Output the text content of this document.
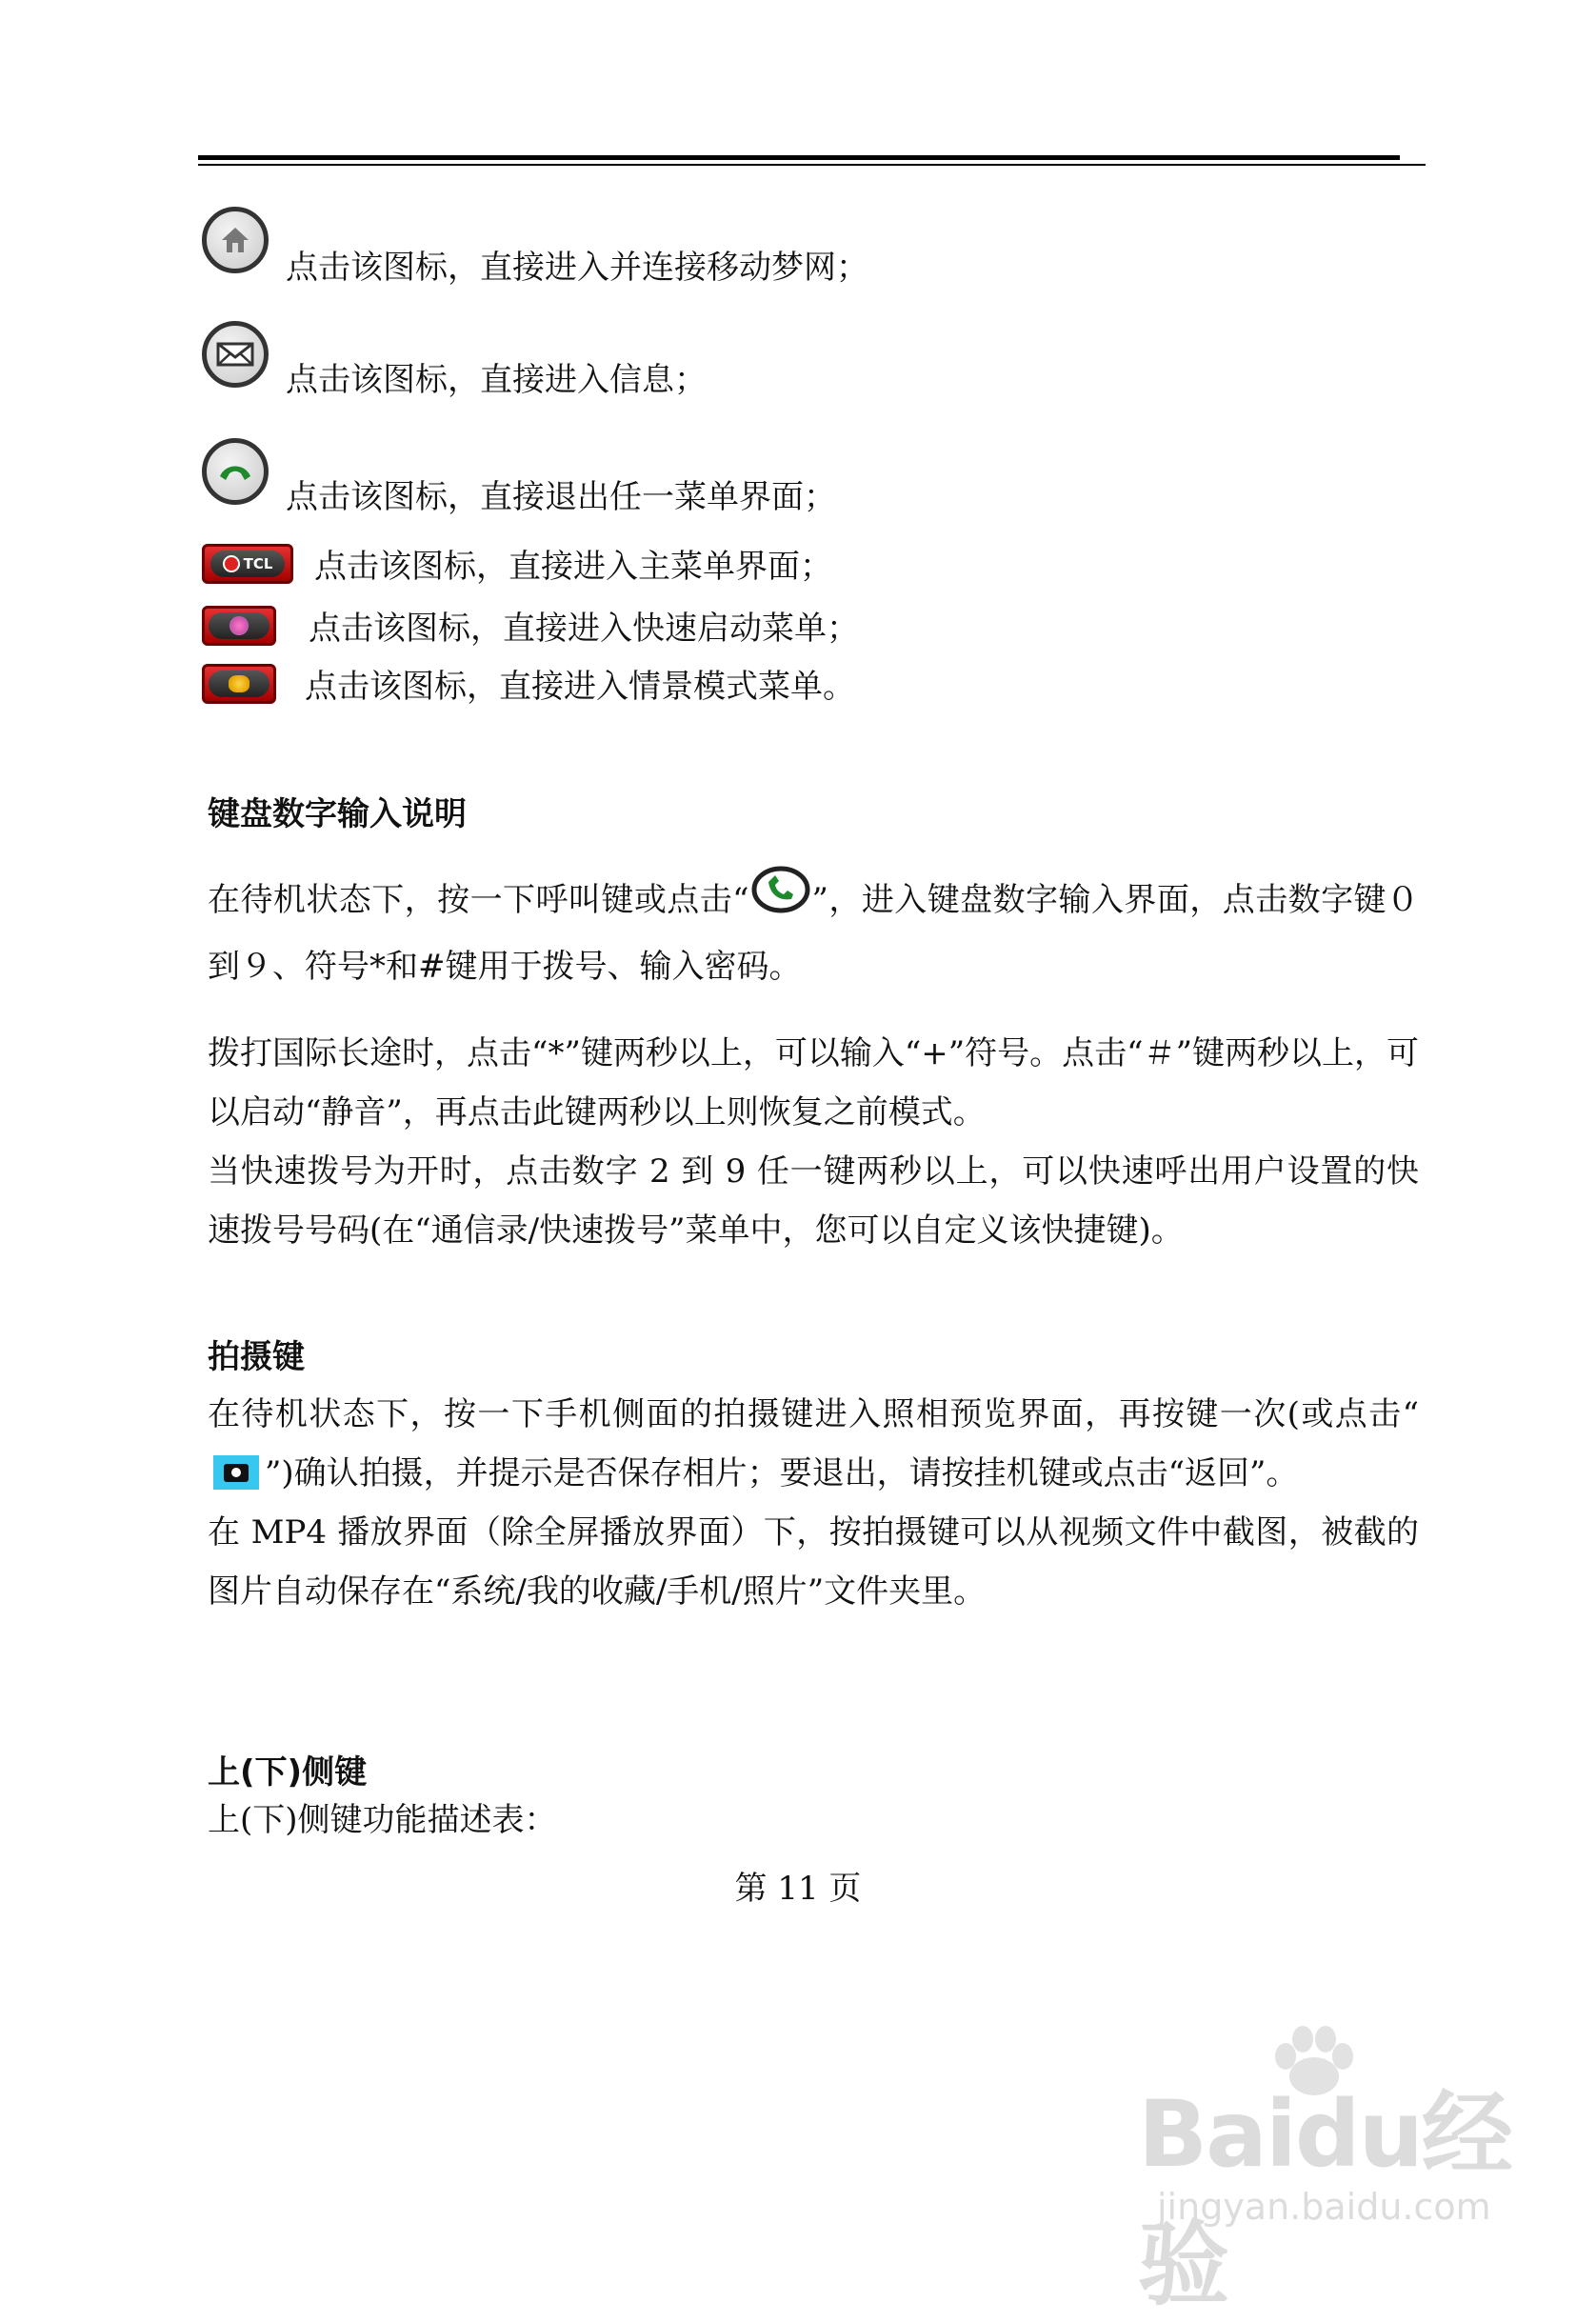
点击该图标，直接进入并连接移动梦网；
点击该图标，直接进入信息；
点击该图标，直接退出任一菜单界面；
TCL 点击该图标，直接进入主菜单界面；
点击该图标，直接进入快速启动菜单；
点击该图标，直接进入情景模式菜单。
键盘数字输入说明

在待机状态下，按一下呼叫键或点击“ ”，进入键盘数字输入界面，点击数字键０到９、符号*和#键用于拨号、输入密码。

拨打国际长途时，点击“*”键两秒以上，可以输入“+”符号。点击“＃”键两秒以上，可以启动“静音”，再点击此键两秒以上则恢复之前模式。

当快速拨号为开时，点击数字 2 到 9 任一键两秒以上，可以快速呼出用户设置的快速拨号号码(在“通信录/快速拨号”菜单中，您可以自定义该快捷键)。

拍摄键

在待机状态下，按一下手机侧面的拍摄键进入照相预览界面，再按键一次(或点击“”)确认拍摄，并提示是否保存相片；要退出，请按挂机键或点击“返回”。

在 MP4 播放界面（除全屏播放界面）下，按拍摄键可以从视频文件中截图，被截的图片自动保存在“系统/我的收藏/手机/照片”文件夹里。

上(下)侧键

上(下)侧键功能描述表：

第 11 页
Baidu经验
jingyan.baidu.com
